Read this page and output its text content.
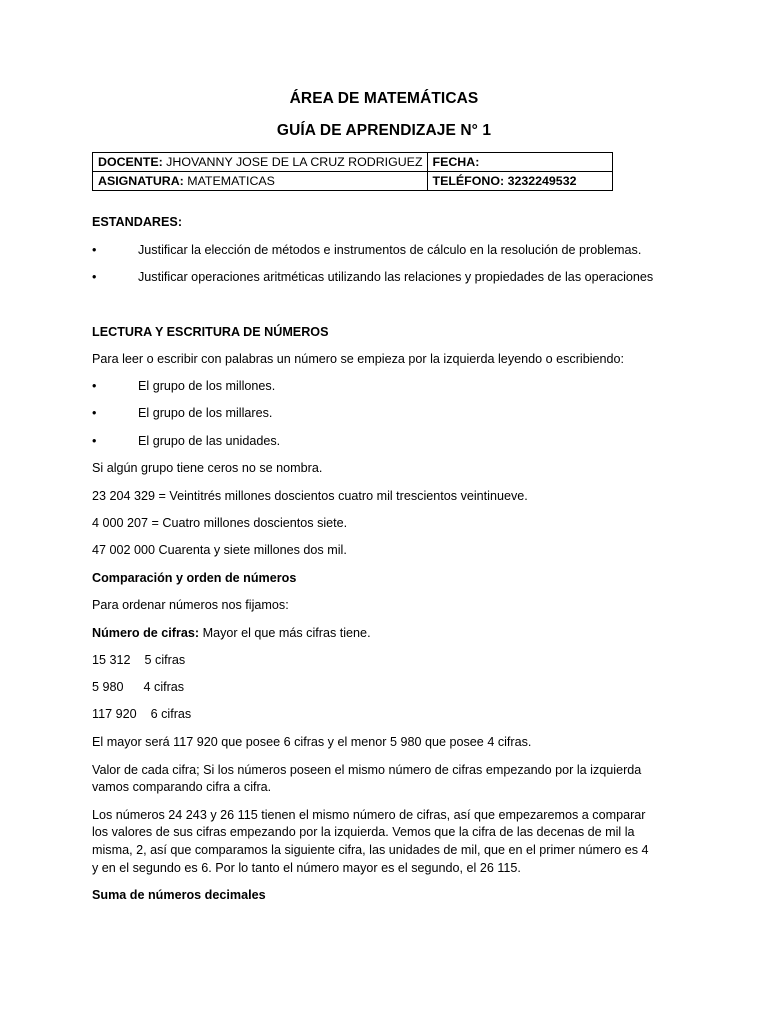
ÁREA DE MATEMÁTICAS
GUÍA DE APRENDIZAJE N° 1
DOCENTE: JHOVANNY JOSE DE LA CRUZ RODRIGUEZ	FECHA:
ASIGNATURA: MATEMATICAS	TELÉFONO: 3232249532
ESTANDARES:
•	Justificar la elección de métodos e instrumentos de cálculo en la resolución de problemas.
•	Justificar operaciones aritméticas utilizando las relaciones y propiedades de las operaciones
LECTURA Y ESCRITURA DE NÚMEROS
Para leer o escribir con palabras un número se empieza por la izquierda leyendo o escribiendo:
•	El grupo de los millones.
•	El grupo de los millares.
•	El grupo de las unidades.
Si algún grupo tiene ceros no se nombra.
23 204 329 = Veintitrés millones doscientos cuatro mil trescientos veintinueve.
4 000 207 = Cuatro millones doscientos siete.
47 002 000 Cuarenta y siete millones dos mil.
Comparación y orden de números
Para ordenar números nos fijamos:
Número de cifras: Mayor el que más cifras tiene.
15 312 5 cifras
5 980 4 cifras
117 920 6 cifras
El mayor será 117 920 que posee 6 cifras y el menor 5 980 que posee 4 cifras.
Valor de cada cifra; Si los números poseen el mismo número de cifras empezando por la izquierda
vamos comparando cifra a cifra.
Los números 24 243 y 26 115 tienen el mismo número de cifras, así que empezaremos a comparar
los valores de sus cifras empezando por la izquierda. Vemos que la cifra de las decenas de mil la
misma, 2, así que comparamos la siguiente cifra, las unidades de mil, que en el primer número es 4
y en el segundo es 6. Por lo tanto el número mayor es el segundo, el 26 115.
Suma de números decimales
